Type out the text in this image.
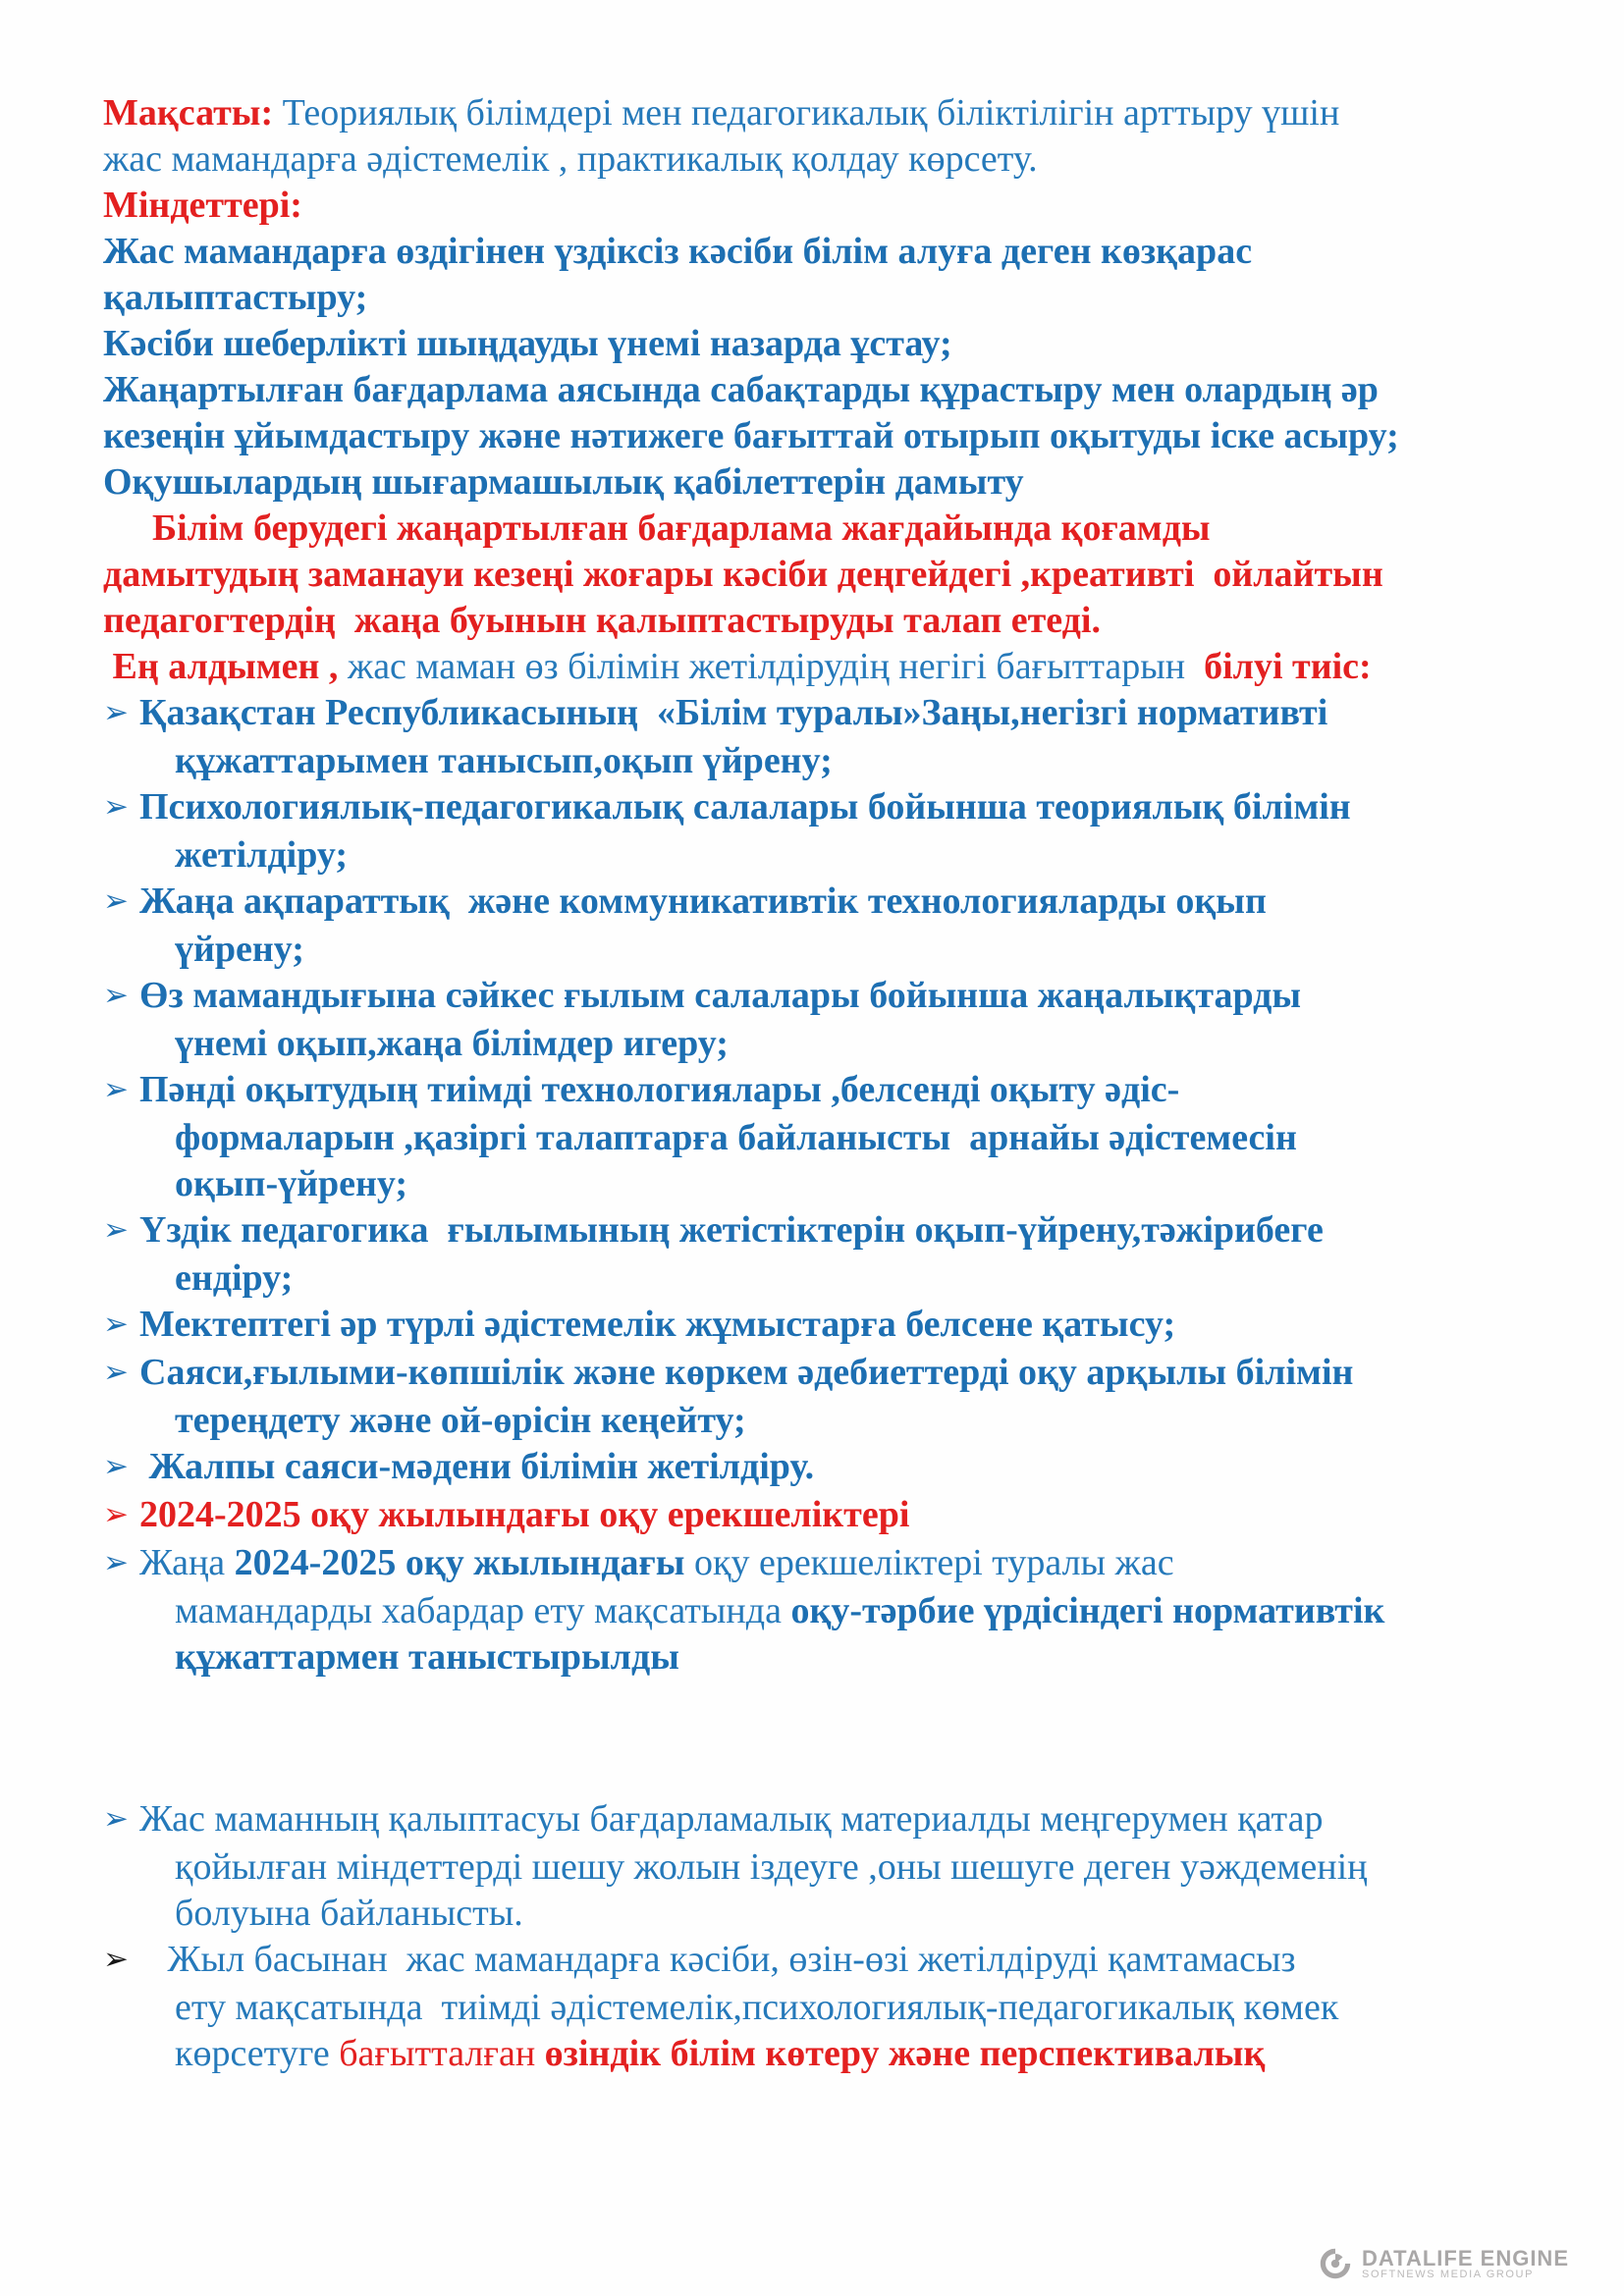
Мақсаты: Теориялық білімдері мен педагогикалық біліктілігін арттыру үшін
жас мамандарға әдістемелік , практикалық қолдау көрсету.
Міндеттері:
Жас мамандарға өздігінен үздіксіз кәсіби білім алуға деген көзқарас
қалыптастыру;
Кәсіби шеберлікті шыңдауды үнемі назарда ұстау;
Жаңартылған бағдарлама аясында сабақтарды құрастыру мен олардың әр
кезеңін ұйымдастыру және нәтижеге бағыттай отырып оқытуды іске асыру;
Оқушылардың шығармашылық қабілеттерін дамыту
Білім берудегі жаңартылған бағдарлама жағдайында қоғамды
дамытудың заманауи кезеңі жоғары кәсіби деңгейдегі ,креативті  ойлайтын
педагогтердің  жаңа буынын қалыптастыруды талап етеді.
Ең алдымен , жас маман өз білімін жетілдірудің негігі бағыттарын  білуі тиіс:
➢ Қазақстан Республикасының  «Білім туралы»Заңы,негізгі нормативті
құжаттарымен танысып,оқып үйрену;
➢ Психологиялық-педагогикалық салалары бойынша теориялық білімін
жетілдіру;
➢ Жаңа ақпараттық  және коммуникативтік технологияларды оқып
үйрену;
➢ Өз мамандығына сәйкес ғылым салалары бойынша жаңалықтарды
үнемі оқып,жаңа білімдер игеру;
➢ Пәнді оқытудың тиімді технологиялары ,белсенді оқыту әдіс-
формаларын ,қазіргі талаптарға байланысты  арнайы әдістемесін
оқып-үйрену;
➢ Үздік педагогика  ғылымының жетістіктерін оқып-үйрену,тәжірибеге
ендіру;
➢ Мектептегі әр түрлі әдістемелік жұмыстарға белсене қатысу;
➢ Саяси,ғылыми-көпшілік және көркем әдебиеттерді оқу арқылы білімін
тереңдету және ой-өрісін кеңейту;
➢ Жалпы саяси-мәдени білімін жетілдіру.
➢ 2024-2025 оқу жылындағы оқу ерекшеліктері
➢ Жаңа 2024-2025 оқу жылындағы оқу ерекшеліктері туралы жас
мамандарды хабардар ету мақсатында оқу-тәрбие үрдісіндегі нормативтік
құжаттармен таныстырылды
➢ Жас маманның қалыптасуы бағдарламалық материалды меңгерумен қатар
қойылған міндеттерді шешу жолын іздеуге ,оны шешуге деген уәждеменің
болуына байланысты.
➢   Жыл басынан  жас мамандарға кәсіби, өзін-өзі жетілдіруді қамтамасыз
ету мақсатында  тиімді әдістемелік,психологиялық-педагогикалық көмек
көрсетуге бағытталған өзіндік білім көтеру және перспективалық
DATALIFE ENGINE
SOFTNEWS MEDIA GROUP
